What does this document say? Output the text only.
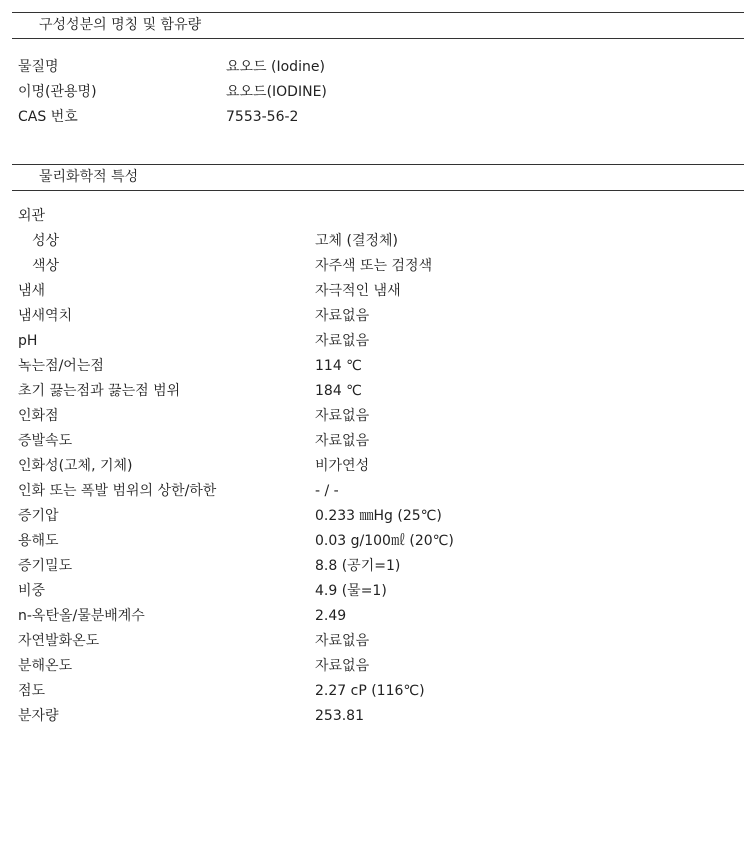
구성성분의 명칭 및 함유량
물질명	요오드 (Iodine)
이명(관용명)	요오드(IODINE)
CAS 번호	7553-56-2
물리화학적 특성
외관
성상	고체 (결정체)
색상	자주색 또는 검정색
냄새	자극적인 냄새
냄새역치	자료없음
pH	자료없음
녹는점/어는점	114 ℃
초기 끓는점과 끓는점 범위	184 ℃
인화점	자료없음
증발속도	자료없음
인화성(고체, 기체)	비가연성
인화 또는 폭발 범위의 상한/하한	- / -
증기압	0.233 ㎜Hg (25℃)
용해도	0.03 g/100㎖ (20℃)
증기밀도	8.8 (공기=1)
비중	4.9 (물=1)
n-옥탄올/물분배계수	2.49
자연발화온도	자료없음
분해온도	자료없음
점도	2.27 cP (116℃)
분자량	253.81
